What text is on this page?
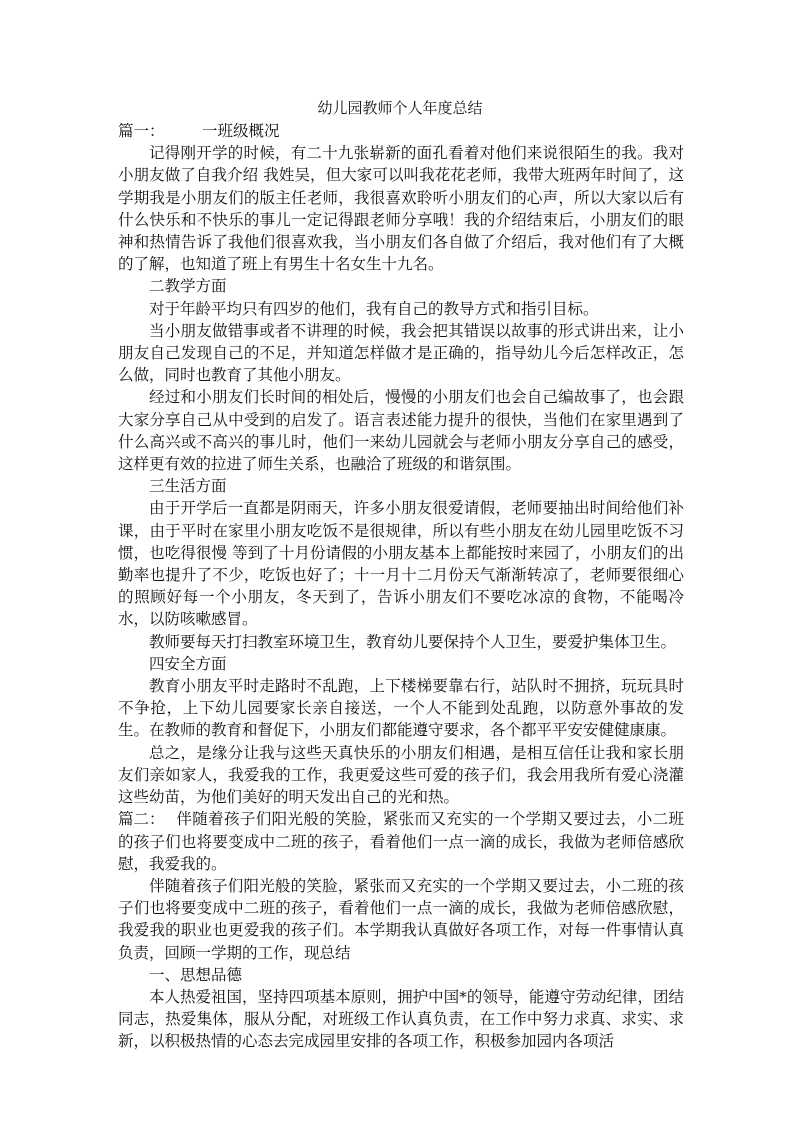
幼儿园教师个人年度总结

篇一： 一班级概况

记得刚开学的时候，有二十九张崭新的面孔看着对他们来说很陌生的我。我对小朋友做了自我介绍 我姓吴，但大家可以叫我花花老师，我带大班两年时间了，这学期我是小朋友们的版主任老师，我很喜欢聆听小朋友们的心声，所以大家以后有什么快乐和不快乐的事儿一定记得跟老师分享哦！我的介绍结束后，小朋友们的眼神和热情告诉了我他们很喜欢我，当小朋友们各自做了介绍后，我对他们有了大概的了解，也知道了班上有男生十名女生十九名。

二教学方面

对于年龄平均只有四岁的他们，我有自己的教导方式和指引目标。

当小朋友做错事或者不讲理的时候，我会把其错误以故事的形式讲出来，让小朋友自己发现自己的不足，并知道怎样做才是正确的，指导幼儿今后怎样改正，怎么做，同时也教育了其他小朋友。

经过和小朋友们长时间的相处后，慢慢的小朋友们也会自己编故事了，也会跟大家分享自己从中受到的启发了。语言表述能力提升的很快，当他们在家里遇到了什么高兴或不高兴的事儿时，他们一来幼儿园就会与老师小朋友分享自己的感受，这样更有效的拉进了师生关系，也融洽了班级的和谐氛围。

三生活方面

由于开学后一直都是阴雨天，许多小朋友很爱请假，老师要抽出时间给他们补课，由于平时在家里小朋友吃饭不是很规律，所以有些小朋友在幼儿园里吃饭不习惯，也吃得很慢 等到了十月份请假的小朋友基本上都能按时来园了，小朋友们的出勤率也提升了不少，吃饭也好了；十一月十二月份天气渐渐转凉了，老师要很细心的照顾好每一个小朋友，冬天到了，告诉小朋友们不要吃冰凉的食物，不能喝冷水，以防咳嗽感冒。

教师要每天打扫教室环境卫生，教育幼儿要保持个人卫生，要爱护集体卫生。

四安全方面

教育小朋友平时走路时不乱跑，上下楼梯要靠右行，站队时不拥挤，玩玩具时不争抢，上下幼儿园要家长亲自接送，一个人不能到处乱跑，以防意外事故的发生。在教师的教育和督促下，小朋友们都能遵守要求，各个都平平安安健健康康。

总之，是缘分让我与这些天真快乐的小朋友们相遇，是相互信任让我和家长朋友们亲如家人，我爱我的工作，我更爱这些可爱的孩子们，我会用我所有爱心浇灌这些幼苗，为他们美好的明天发出自己的光和热。

篇二： 伴随着孩子们阳光般的笑脸，紧张而又充实的一个学期又要过去，小二班的孩子们也将要变成中二班的孩子，看着他们一点一滴的成长，我做为老师倍感欣慰，我爱我的。

伴随着孩子们阳光般的笑脸，紧张而又充实的一个学期又要过去，小二班的孩子们也将要变成中二班的孩子，看着他们一点一滴的成长，我做为老师倍感欣慰，我爱我的职业也更爱我的孩子们。本学期我认真做好各项工作，对每一件事情认真负责，回顾一学期的工作，现总结

一、思想品德

本人热爱祖国，坚持四项基本原则，拥护中国*的领导，能遵守劳动纪律，团结同志，热爱集体，服从分配，对班级工作认真负责，在工作中努力求真、求实、求新，以积极热情的心态去完成园里安排的各项工作，积极参加园内各项活
